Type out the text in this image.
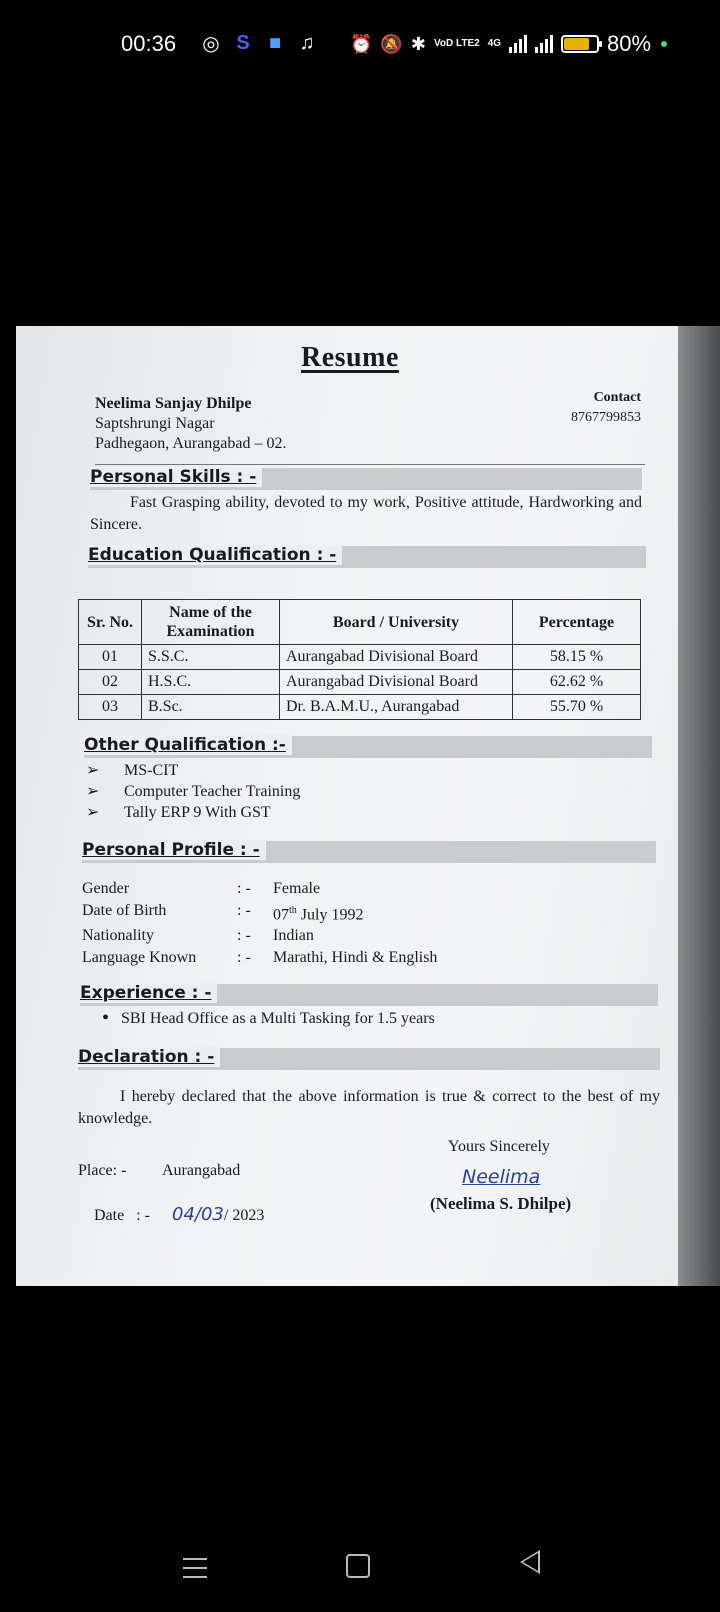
00:36 ◎ S ■ ♫ ⏰ 🔕 ✱ VoD LTE2 4G	80%
Resume
Neelima Sanjay Dhilpe
Saptshrungi Nagar
Padhegaon, Aurangabad – 02.
Contact
8767799853
Personal Skills : -
Fast Grasping ability, devoted to my work, Positive attitude, Hardworking and Sincere.
Education Qualification : -
Sr. No.	Name of the Examination	Board / University	Percentage
01	S.S.C.	Aurangabad Divisional Board	58.15 %
02	H.S.C.	Aurangabad Divisional Board	62.62 %
03	B.Sc.	Dr. B.A.M.U., Aurangabad	55.70 %
Other Qualification :-
➢ MS-CIT
➢ Computer Teacher Training
➢ Tally ERP 9 With GST
Personal Profile : -
Gender	: -	Female
Date of Birth	: -	07th July 1992
Nationality	: -	Indian
Language Known	: -	Marathi, Hindi & English
Experience : -
• SBI Head Office as a Multi Tasking for 1.5 years
Declaration : -
I hereby declared that the above information is true & correct to the best of my knowledge.
Yours Sincerely
Neelima
(Neelima S. Dhilpe)
Place: - Aurangabad

Date   : - 04/03/ 2023
